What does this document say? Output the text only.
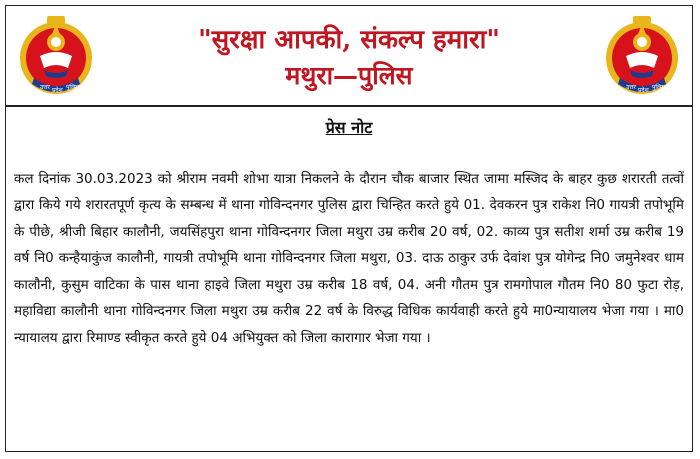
उत्तर प्रदेश पुलिस
"सुरक्षा आपकी, संकल्प हमारा"
मथुरा—पुलिस	उत्तर प्रदेश पुलिस
प्रेस नोट

कल दिनांक 30.03.2023 को श्रीराम नवमी शोभा यात्रा निकलने के दौरान चौक बाजार स्थित जामा मस्जिद के बाहर कुछ शरारती तत्वों द्वारा किये गये शरारतपूर्ण कृत्य के सम्बन्ध में थाना गोविन्दनगर पुलिस द्वारा चिन्हित करते हुये 01. देवकरन पुत्र राकेश नि0 गायत्री तपोभूमि के पीछे, श्रीजी बिहार कालौनी, जयसिंहपुरा थाना गोविन्दनगर जिला मथुरा उम्र करीब 20 वर्ष, 02. काव्य पुत्र सतीश शर्मा उम्र करीब 19 वर्ष नि0 कन्हैयाकुंज कालौनी, गायत्री तपोभूमि थाना गोविन्दनगर जिला मथुरा, 03. दाऊ ठाकुर उर्फ देवांश पुत्र योगेन्द्र नि0 जमुनेश्वर धाम कालौनी, कुसुम वाटिका के पास थाना हाइवे जिला मथुरा उम्र करीब 18 वर्ष, 04. अनी गौतम पुत्र रामगोपाल गौतम नि0 80 फुटा रोड़, महाविद्या कालौनी थाना गोविन्दनगर जिला मथुरा उम्र करीब 22 वर्ष के विरुद्ध विधिक कार्यवाही करते हुये मा0न्यायालय भेजा गया । मा0 न्यायालय द्वारा रिमाण्ड स्वीकृत करते हुये 04 अभियुक्त को जिला कारागार भेजा गया ।
